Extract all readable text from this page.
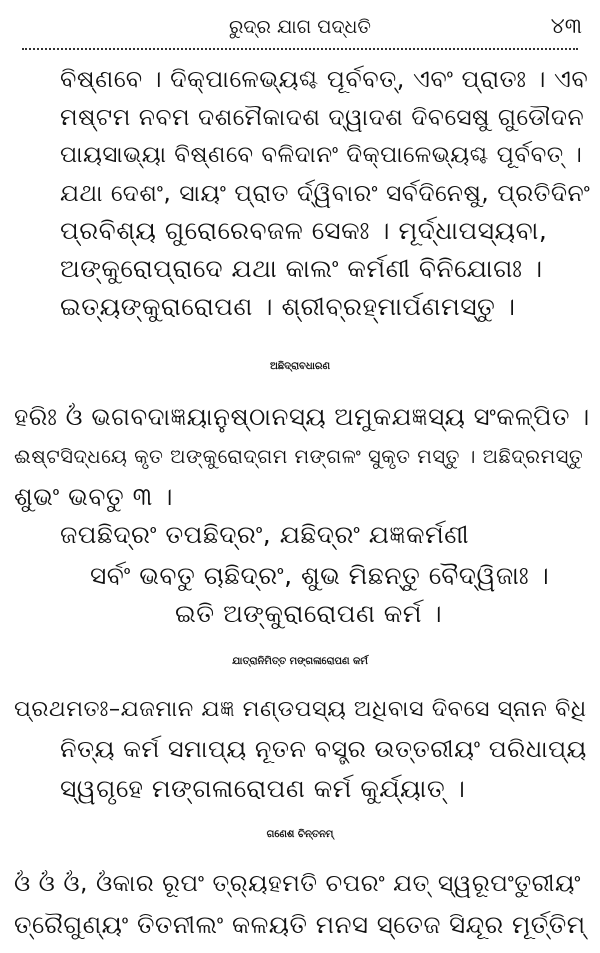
ରୁଦ୍ର ଯାଗ ପଦ୍ଧତି	୪୩
ବିଷ୍ଣବେ । ଦିକ୍‌ପାଳେଭ୍ୟଶ୍ଚ ପୂର୍ବବତ୍, ଏବଂ ପ୍ରାତଃ । ଏବ
ମଷ୍ଟମ ନବମ ଦଶମୈକାଦଶ ଦ୍ୱାଦଶ ଦିବସେଷୁ ଗୁଡୌଦନ
ପାୟସାଭ୍ୟା ବିଷ୍ଣବେ ବଳିଦାନଂ ଦିକ୍‌ପାଳେଭ୍ୟଶ୍ଚ ପୂର୍ବବତ୍ ।
ଯଥା ଦେଶଂ, ସାୟଂ ପ୍ରାତ ର୍ଦ୍ୱିବାରଂ ସର୍ବଦିନେଷୁ, ପ୍ରତିଦିନଂ
ପ୍ରବିଶ୍ୟ ଗୁରୋରେବଜଳ ସେକଃ । ମୂର୍ଦ୍ଧାପସ୍ୟବା,
ଅଙ୍କୁରୋପ୍ରାଦେ ଯଥା କାଲଂ କର୍ମଣୀ ବିନିଯୋଗଃ ।
ଇତ୍ୟଙ୍କୁରାରୋପଣ । ଶ୍ରୀବ୍ରହ୍ମାର୍ପଣମସ୍ତୁ ।
ଅଛିଦ୍ରାବଧାରଣ
ହରିଃ ଓଁ ଭଗବଦାଜ୍ଞୟାନୁଷ୍ଠାନସ୍ୟ ଅମୁକଯଜ୍ଞସ୍ୟ ସଂକଳ୍ପିତ ।
ଈଷ୍ଟସିଦ୍ଧୟେ କୃତ ଅଙ୍କୁରୋଦ୍‌ଗମ ମଙ୍ଗଳଂ ସୁକୃତ ମସ୍ତୁ । ଅଛିଦ୍ରମସ୍ତୁ
ଶୁଭଂ ଭବତୁ ୩ ।
ଜପଛିଦ୍ରଂ ତପଛିଦ୍ରଂ, ଯଛିଦ୍ରଂ ଯଜ୍ଞକର୍ମଣୀ
ସର୍ବଂ ଭବତୁ ଚାଛିଦ୍ରଂ, ଶୁଭ ମିଛନ୍ତୁ ବୈଦ୍ୱିଜାଃ ।
ଇତି ଅଙ୍କୁରାରୋପଣ କର୍ମ ।
ଯାତ୍ରାନିମିତ୍ତ ମଙ୍ଗଳାରୋପଣ କର୍ମ
ପ୍ରଥମତଃ–ଯଜମାନ ଯଜ୍ଞ ମଣ୍ଡପସ୍ୟ ଅଧିବାସ ଦିବସେ ସ୍ନାନ ବିଧି
ନିତ୍ୟ କର୍ମ ସମାପ୍ୟ ନୂତନ ବସ୍ତ୍ର ଉତ୍ତରୀୟଂ ପରିଧାପ୍ୟ
ସ୍ୱଗୃହେ ମଙ୍ଗଳାରୋପଣ କର୍ମ କୁର୍ଯ୍ୟାତ୍ ।
ଗଣେଶ ଚିନ୍ତନମ୍
ଓଁ ଓଁ ଓଁ, ଓଁକାର ରୂପଂ ତ୍ର୍ୟହମତି ଚପରଂ ଯତ୍ ସ୍ୱରୂପଂତୁରୀୟଂ
ତ୍ରୈଗୁଣ୍ୟଂ ତିତନୀଲଂ କଳୟତି ମନସ ସ୍ତେଜ ସିନ୍ଦୂର ମୂର୍ତ୍ତିମ୍
